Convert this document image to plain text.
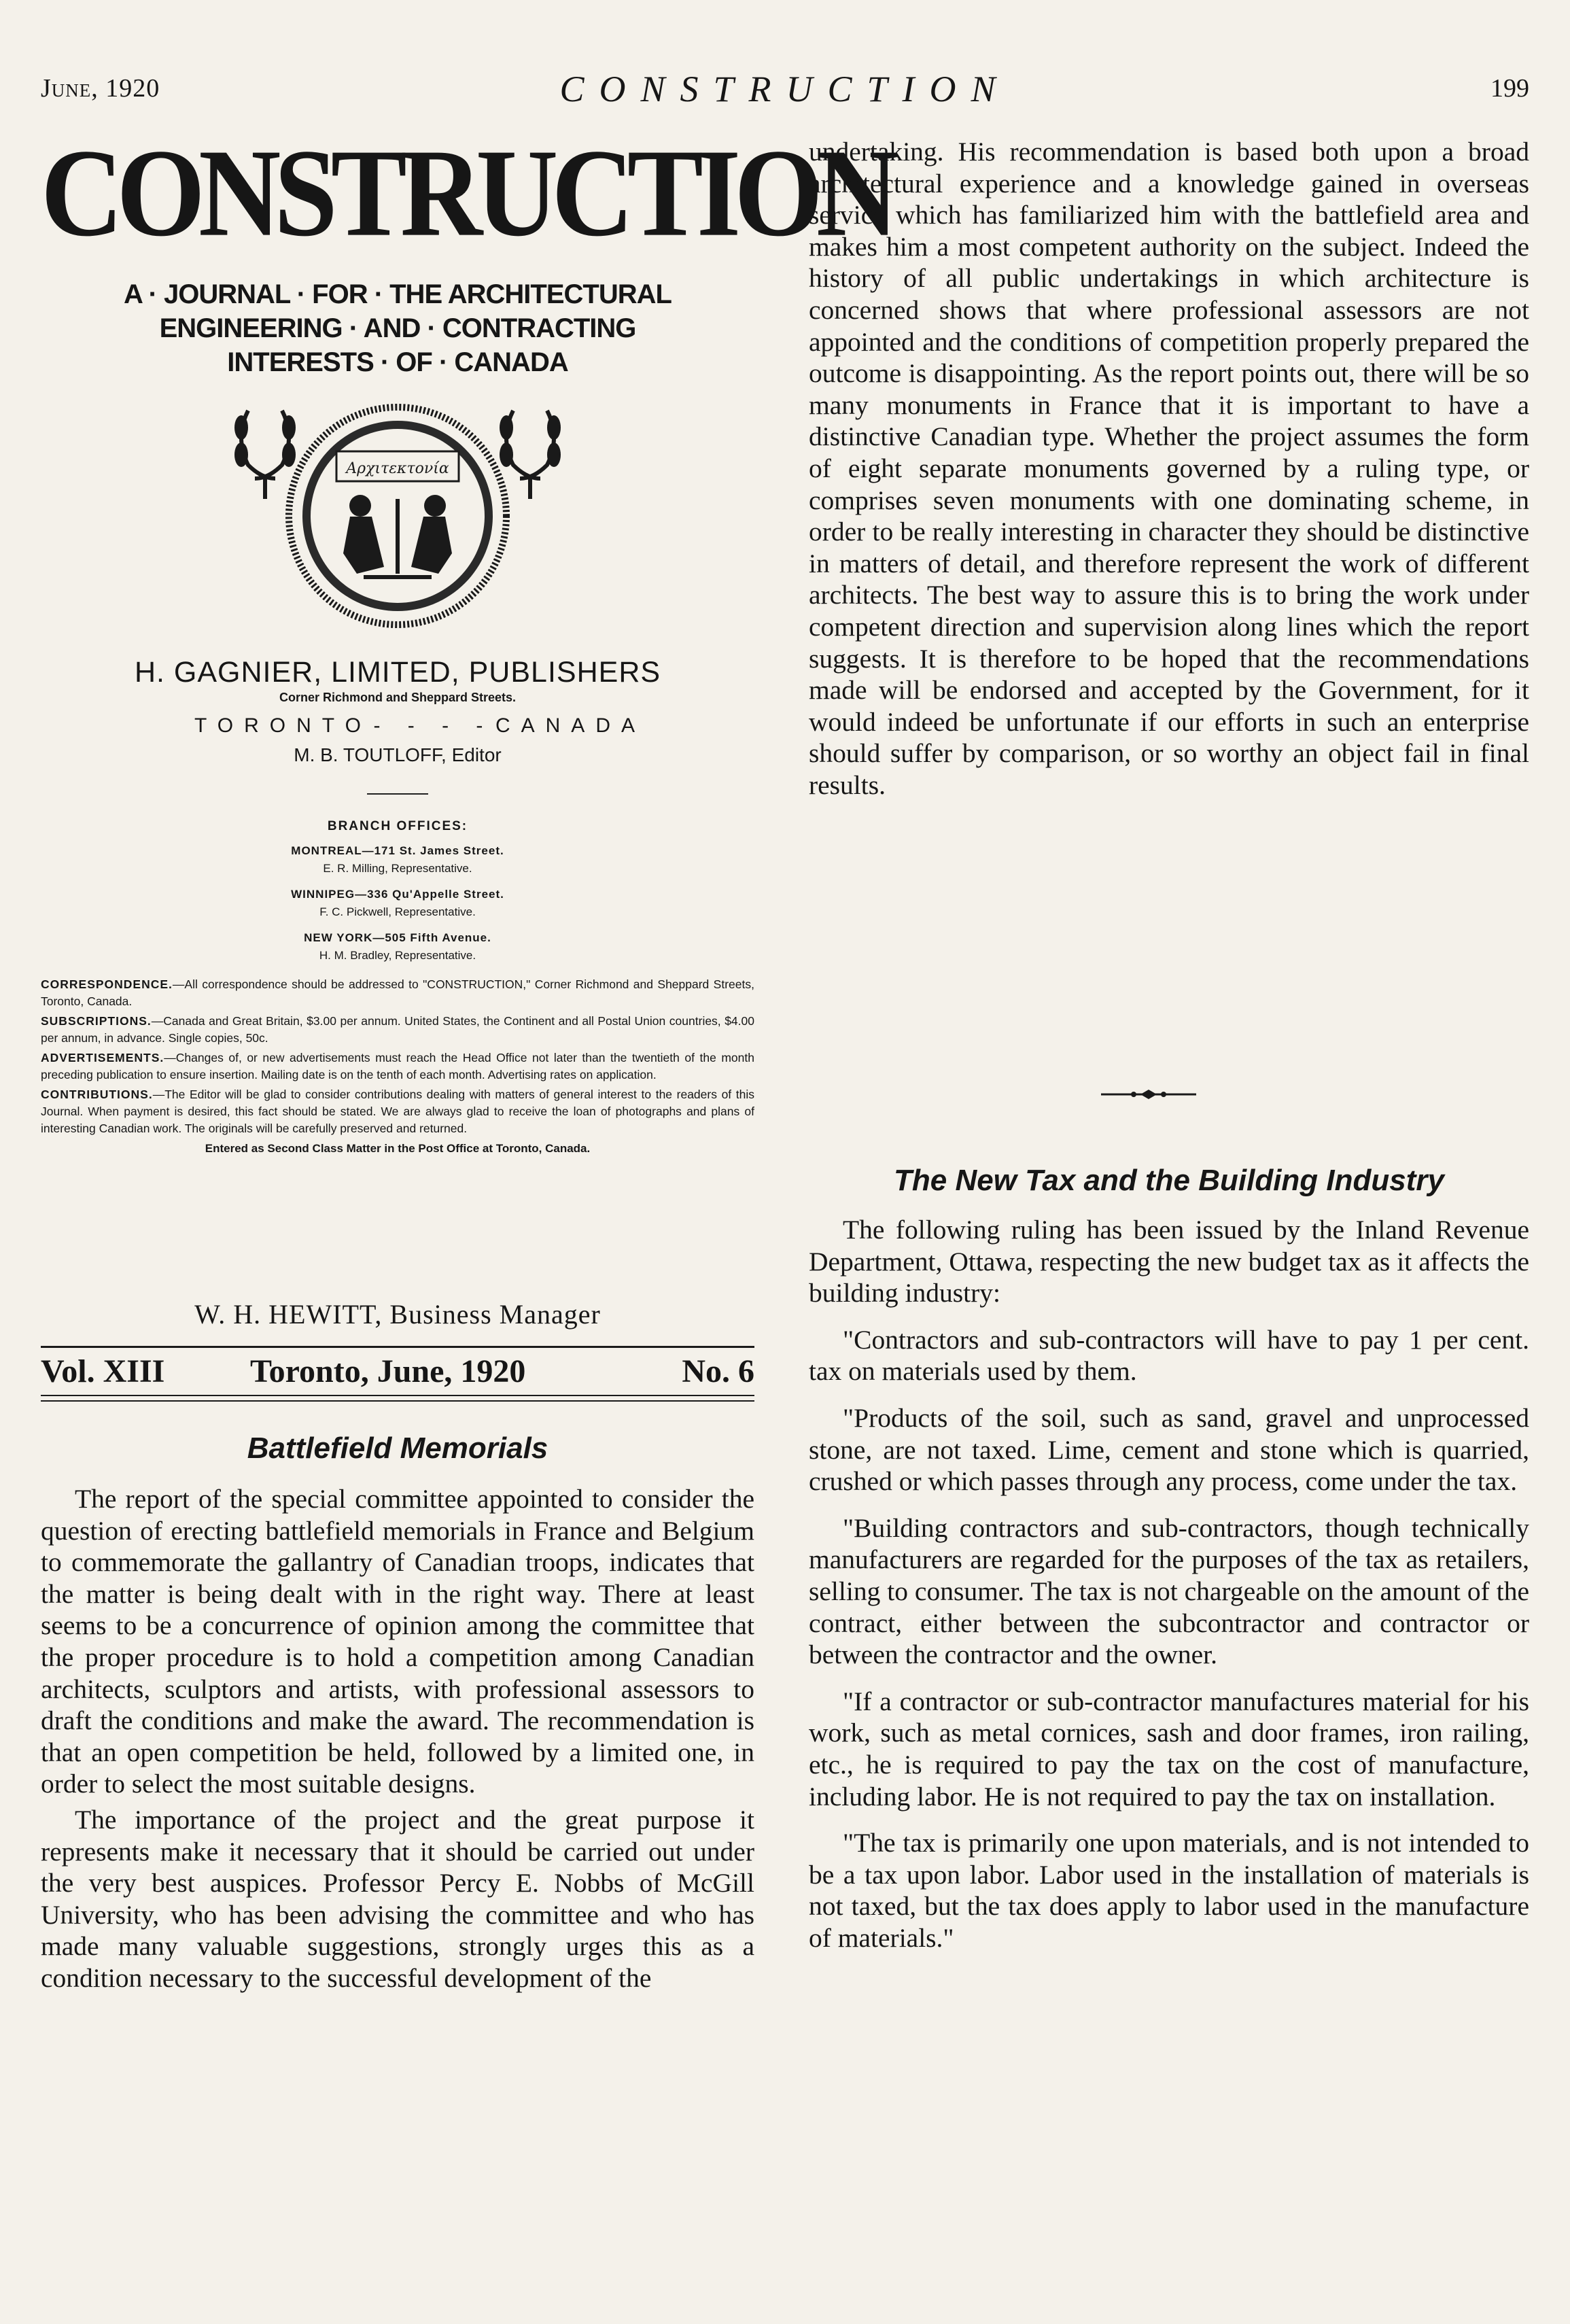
June, 1920	CONSTRUCTION	199
CONSTRUCTION
A · JOURNAL · FOR · THE ARCHITECTURAL
ENGINEERING · AND · CONTRACTING
INTERESTS · OF · CANADA
Αρχιτεκτονία
H. GAGNIER, LIMITED, PUBLISHERS
Corner Richmond and Sheppard Streets.
TORONTO - - - - CANADA
M. B. TOUTLOFF, Editor
BRANCH OFFICES:
MONTREAL—171 St. James Street.
E. R. Milling, Representative.
WINNIPEG—336 Qu'Appelle Street.
F. C. Pickwell, Representative.
NEW YORK—505 Fifth Avenue.
H. M. Bradley, Representative.
CORRESPONDENCE.—All correspondence should be addressed to "CONSTRUCTION," Corner Richmond and Sheppard Streets, Toronto, Canada.
SUBSCRIPTIONS.—Canada and Great Britain, $3.00 per annum. United States, the Continent and all Postal Union countries, $4.00 per annum, in advance. Single copies, 50c.
ADVERTISEMENTS.—Changes of, or new advertisements must reach the Head Office not later than the twentieth of the month preceding publication to ensure insertion. Mailing date is on the tenth of each month. Advertising rates on application.
CONTRIBUTIONS.—The Editor will be glad to consider contributions dealing with matters of general interest to the readers of this Journal. When payment is desired, this fact should be stated. We are always glad to receive the loan of photographs and plans of interesting Canadian work. The originals will be carefully preserved and returned.
Entered as Second Class Matter in the Post Office at Toronto, Canada.
W. H. HEWITT, Business Manager
Vol. XIII	Toronto, June, 1920	No. 6
Battlefield Memorials

The report of the special committee appointed to consider the question of erecting battlefield memorials in France and Belgium to commemorate the gallantry of Canadian troops, indicates that the matter is being dealt with in the right way. There at least seems to be a concurrence of opinion among the committee that the proper procedure is to hold a competition among Canadian architects, sculptors and artists, with professional assessors to draft the conditions and make the award. The recommendation is that an open competition be held, followed by a limited one, in order to select the most suitable designs.

The importance of the project and the great purpose it represents make it necessary that it should be carried out under the very best auspices. Professor Percy E. Nobbs of McGill University, who has been advising the committee and who has made many valuable suggestions, strongly urges this as a condition necessary to the successful development of the

undertaking. His recommendation is based both upon a broad architectural experience and a knowledge gained in overseas service which has familiarized him with the battlefield area and makes him a most competent authority on the subject. Indeed the history of all public undertakings in which architecture is concerned shows that where professional assessors are not appointed and the conditions of competition properly prepared the outcome is disappointing. As the report points out, there will be so many monuments in France that it is important to have a distinctive Canadian type. Whether the project assumes the form of eight separate monuments governed by a ruling type, or comprises seven monuments with one dominating scheme, in order to be really interesting in character they should be distinctive in matters of detail, and therefore represent the work of different architects. The best way to assure this is to bring the work under competent direction and supervision along lines which the report suggests. It is therefore to be hoped that the recommendations made will be endorsed and accepted by the Government, for it would indeed be unfortunate if our efforts in such an enterprise should suffer by comparison, or so worthy an object fail in final results.

The New Tax and the Building Industry

The following ruling has been issued by the Inland Revenue Department, Ottawa, respecting the new budget tax as it affects the building industry:

"Contractors and sub-contractors will have to pay 1 per cent. tax on materials used by them.

"Products of the soil, such as sand, gravel and unprocessed stone, are not taxed. Lime, cement and stone which is quarried, crushed or which passes through any process, come under the tax.

"Building contractors and sub-contractors, though technically manufacturers are regarded for the purposes of the tax as retailers, selling to consumer. The tax is not chargeable on the amount of the contract, either between the subcontractor and contractor or between the contractor and the owner.

"If a contractor or sub-contractor manufactures material for his work, such as metal cornices, sash and door frames, iron railing, etc., he is required to pay the tax on the cost of manufacture, including labor. He is not required to pay the tax on installation.

"The tax is primarily one upon materials, and is not intended to be a tax upon labor. Labor used in the installation of materials is not taxed, but the tax does apply to labor used in the manufacture of materials."
